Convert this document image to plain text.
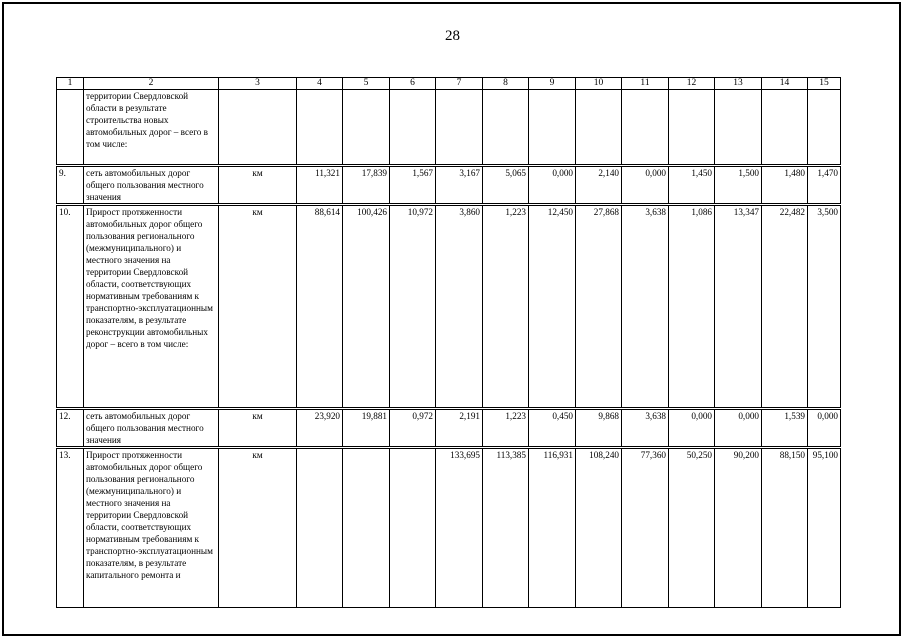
28
1	2	3	4	5	6	7	8	9	10	11	12	13	14	15
	территории Свердловской области в результате строительства новых автомобильных дорог – всего в том числе:													
9.	сеть автомобильных дорог общего пользования местного значения	км	11,321	17,839	1,567	3,167	5,065	0,000	2,140	0,000	1,450	1,500	1,480	1,470
10.	Прирост протяженности автомобильных дорог общего пользования регионального (межмуниципального) и местного значения на территории Свердловской области, соответствующих нормативным требованиям к транспортно-эксплуатационным показателям, в результате реконструкции автомобильных дорог – всего в том числе:	км	88,614	100,426	10,972	3,860	1,223	12,450	27,868	3,638	1,086	13,347	22,482	3,500
12.	сеть автомобильных дорог общего пользования местного значения	км	23,920	19,881	0,972	2,191	1,223	0,450	9,868	3,638	0,000	0,000	1,539	0,000
13.	Прирост протяженности автомобильных дорог общего пользования регионального (межмуниципального) и местного значения на территории Свердловской области, соответствующих нормативным требованиям к транспортно-эксплуатационным показателям, в результате капитального ремонта и	км				133,695	113,385	116,931	108,240	77,360	50,250	90,200	88,150	95,100
